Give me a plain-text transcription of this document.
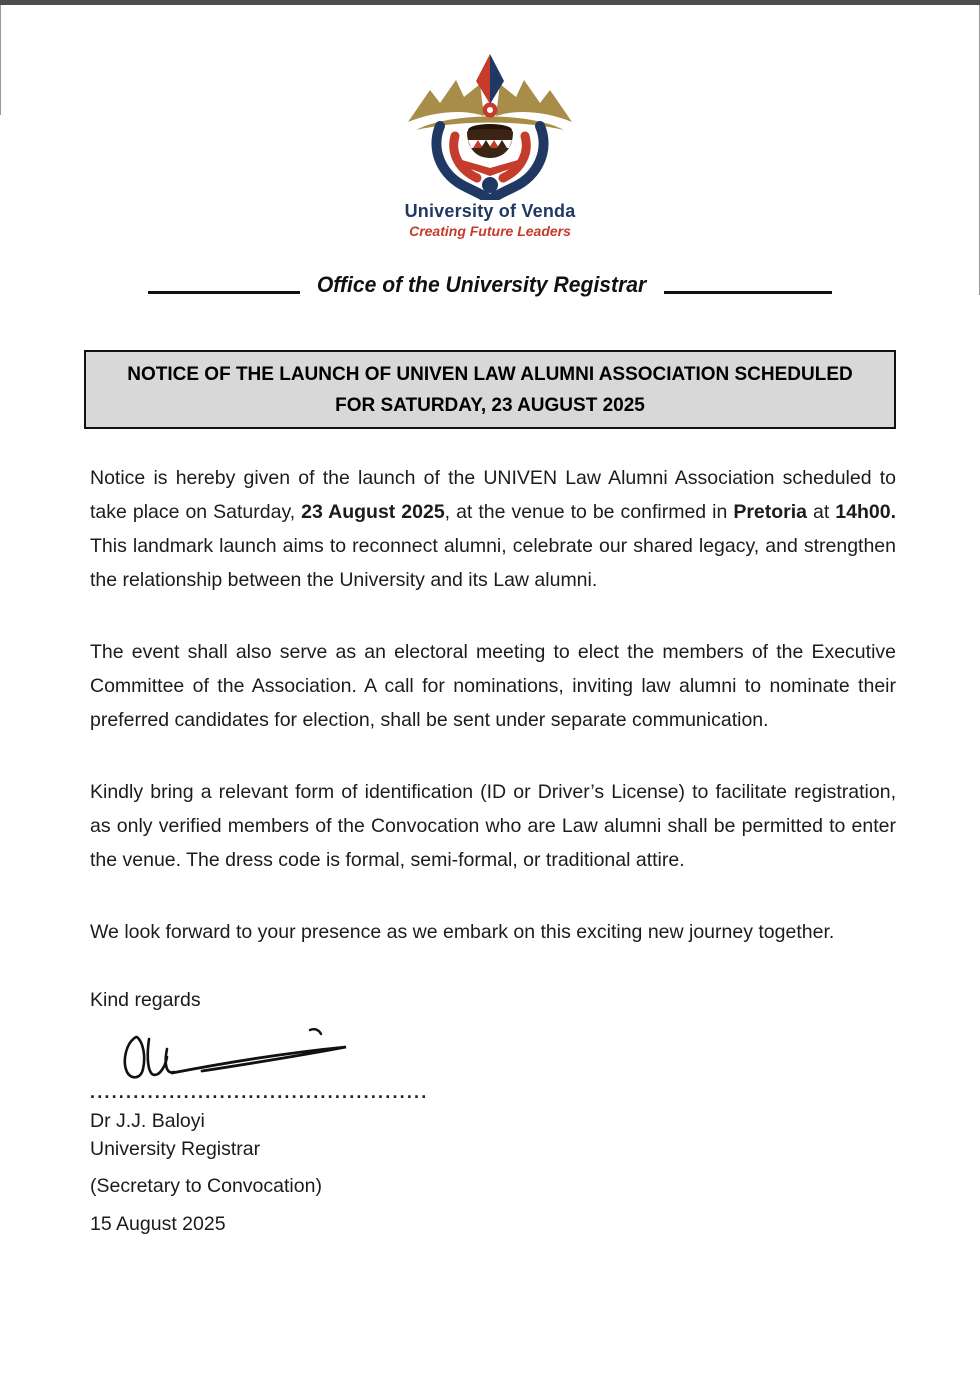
University of Venda
Creating Future Leaders
Office of the University Registrar
NOTICE OF THE LAUNCH OF UNIVEN LAW ALUMNI ASSOCIATION SCHEDULED
FOR SATURDAY, 23 AUGUST 2025

Notice is hereby given of the launch of the UNIVEN Law Alumni Association scheduled to take place on Saturday, 23 August 2025, at the venue to be confirmed in Pretoria at 14h00. This landmark launch aims to reconnect alumni, celebrate our shared legacy, and strengthen the relationship between the University and its Law alumni.

The event shall also serve as an electoral meeting to elect the members of the Executive Committee of the Association. A call for nominations, inviting law alumni to nominate their preferred candidates for election, shall be sent under separate communication.

Kindly bring a relevant form of identification (ID or Driver’s License) to facilitate registration, as only verified members of the Convocation who are Law alumni shall be permitted to enter the venue. The dress code is formal, semi-formal, or traditional attire.

We look forward to your presence as we embark on this exciting new journey together.

Kind regards
...............................................
Dr J.J. Baloyi
University Registrar
(Secretary to Convocation)
15 August 2025
